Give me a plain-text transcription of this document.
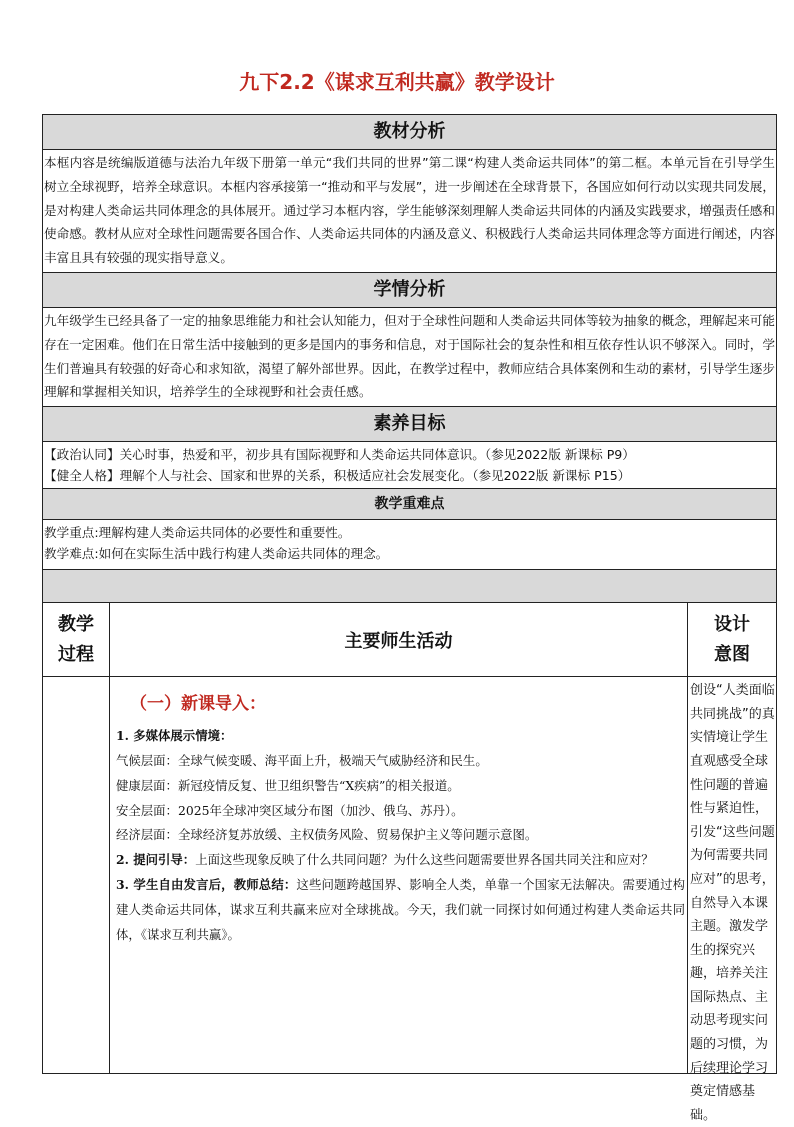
九下2.2《谋求互利共赢》教学设计
教材分析
本框内容是统编版道德与法治九年级下册第一单元“我们共同的世界”第二课“构建人类命运共同体”的第二框。本单元旨在引导学生树立全球视野，培养全球意识。本框内容承接第一“推动和平与发展”，进一步阐述在全球背景下，各国应如何行动以实现共同发展，是对构建人类命运共同体理念的具体展开。通过学习本框内容，学生能够深刻理解人类命运共同体的内涵及实践要求，增强责任感和使命感。教材从应对全球性问题需要各国合作、人类命运共同体的内涵及意义、积极践行人类命运共同体理念等方面进行阐述，内容丰富且具有较强的现实指导意义。
学情分析
九年级学生已经具备了一定的抽象思维能力和社会认知能力，但对于全球性问题和人类命运共同体等较为抽象的概念，理解起来可能存在一定困难。他们在日常生活中接触到的更多是国内的事务和信息，对于国际社会的复杂性和相互依存性认识不够深入。同时，学生们普遍具有较强的好奇心和求知欲，渴望了解外部世界。因此，在教学过程中，教师应结合具体案例和生动的素材，引导学生逐步理解和掌握相关知识，培养学生的全球视野和社会责任感。
素养目标
【政治认同】关心时事，热爱和平，初步具有国际视野和人类命运共同体意识。（参见2022版 新课标 P9）
【健全人格】理解个人与社会、国家和世界的关系，积极适应社会发展变化。（参见2022版 新课标 P15）
教学重难点
教学重点:理解构建人类命运共同体的必要性和重要性。
教学难点:如何在实际生活中践行构建人类命运共同体的理念。
教学
过程
主要师生活动
设计
意图
（一）新课导入：
1. 多媒体展示情境：
气候层面：全球气候变暖、海平面上升，极端天气威胁经济和民生。
健康层面：新冠疫情反复、世卫组织警告“X疾病”的相关报道。
安全层面：2025年全球冲突区域分布图（加沙、俄乌、苏丹）。
经济层面：全球经济复苏放缓、主权债务风险、贸易保护主义等问题示意图。
2. 提问引导：上面这些现象反映了什么共同问题？为什么这些问题需要世界各国共同关注和应对？
3. 学生自由发言后，教师总结：这些问题跨越国界、影响全人类，单靠一个国家无法解决。需要通过构建人类命运共同体，谋求互利共赢来应对全球挑战。今天，我们就一同探讨如何通过构建人类命运共同体，《谋求互利共赢》。
创设“人类面临共同挑战”的真实情境让学生直观感受全球性问题的普遍性与紧迫性，引发“这些问题为何需要共同应对”的思考，自然导入本课主题。激发学生的探究兴趣，培养关注国际热点、主动思考现实问题的习惯，为后续理论学习奠定情感基础。
